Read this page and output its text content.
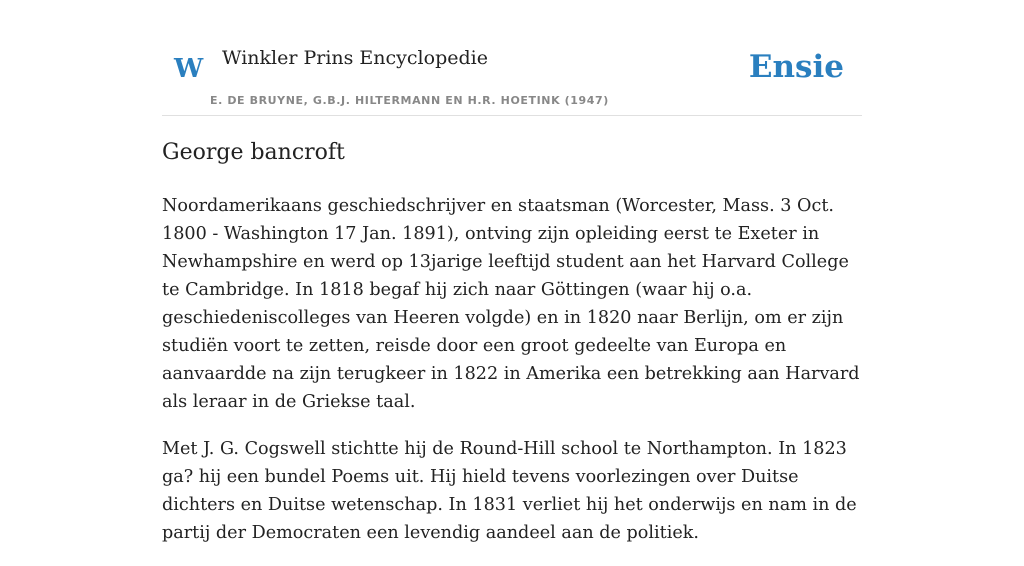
W Winkler Prins Encyclopedie
E. DE BRUYNE, G.B.J. HILTERMANN EN H.R. HOETINK (1947)
Ensie
George bancroft

Noordamerikaans geschiedschrijver en staatsman (Worcester, Mass. 3 Oct. 1800 - Washington 17 Jan. 1891), ontving zijn opleiding eerst te Exeter in Newhampshire en werd op 13jarige leeftijd student aan het Harvard College te Cambridge. In 1818 begaf hij zich naar Göttingen (waar hij o.a. geschiedeniscolleges van Heeren volgde) en in 1820 naar Berlijn, om er zijn studiën voort te zetten, reisde door een groot gedeelte van Europa en aanvaardde na zijn terugkeer in 1822 in Amerika een betrekking aan Harvard als leraar in de Griekse taal.

Met J. G. Cogswell stichtte hij de Round-Hill school te Northampton. In 1823 ga? hij een bundel Poems uit. Hij hield tevens voorlezingen over Duitse dichters en Duitse wetenschap. In 1831 verliet hij het onderwijs en nam in de partij der Democraten een levendig aandeel aan de politiek.
